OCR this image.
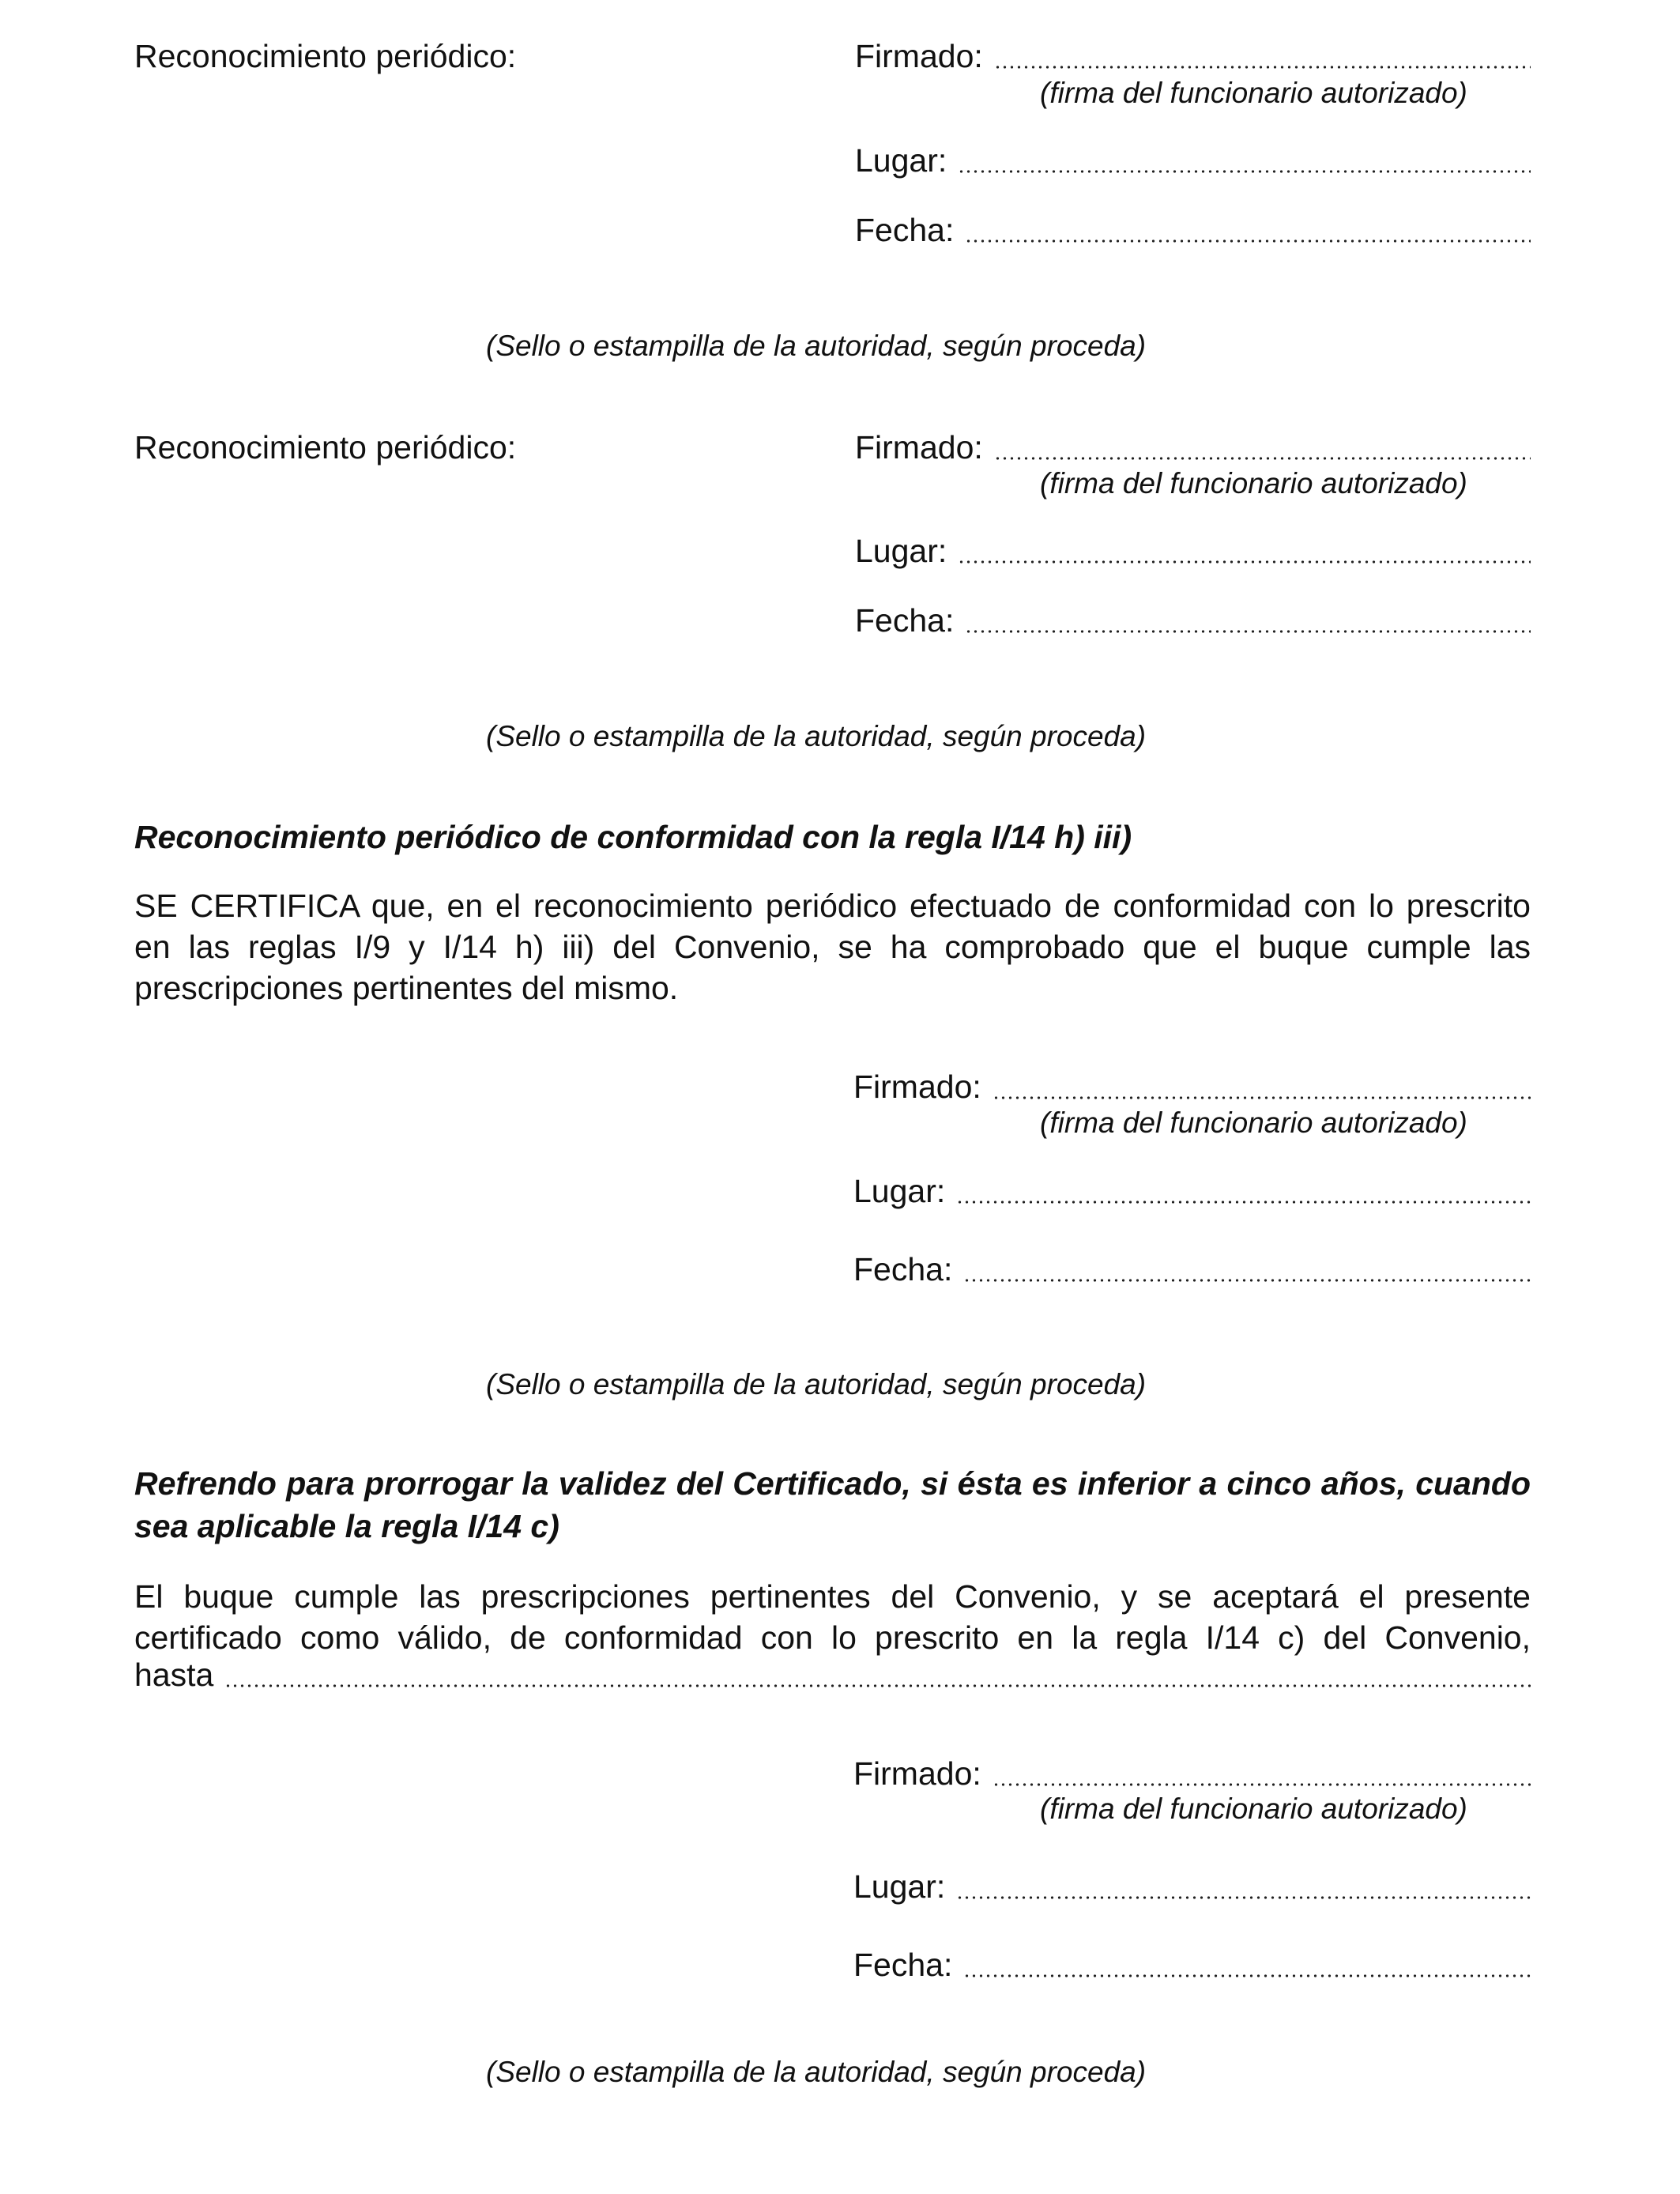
Reconocimiento periódico:	Firmado:
(firma del funcionario autorizado)
Lugar:
Fecha:
(Sello o estampilla de la autoridad, según proceda)
Reconocimiento periódico:	Firmado:
(firma del funcionario autorizado)
Lugar:
Fecha:
(Sello o estampilla de la autoridad, según proceda)
Reconocimiento periódico de conformidad con la regla I/14 h) iii)
SE CERTIFICA que, en el reconocimiento periódico efectuado de conformidad con lo prescrito
en las reglas I/9 y I/14 h) iii) del Convenio, se ha comprobado que el buque cumple las
prescripciones pertinentes del mismo.
Firmado:
(firma del funcionario autorizado)
Lugar:
Fecha:
(Sello o estampilla de la autoridad, según proceda)
Refrendo para prorrogar la validez del Certificado, si ésta es inferior a cinco años, cuando
sea aplicable la regla I/14 c)
El buque cumple las prescripciones pertinentes del Convenio, y se aceptará el presente
certificado como válido, de conformidad con lo prescrito en la regla I/14 c) del Convenio,
hasta
Firmado:
(firma del funcionario autorizado)
Lugar:
Fecha:
(Sello o estampilla de la autoridad, según proceda)
